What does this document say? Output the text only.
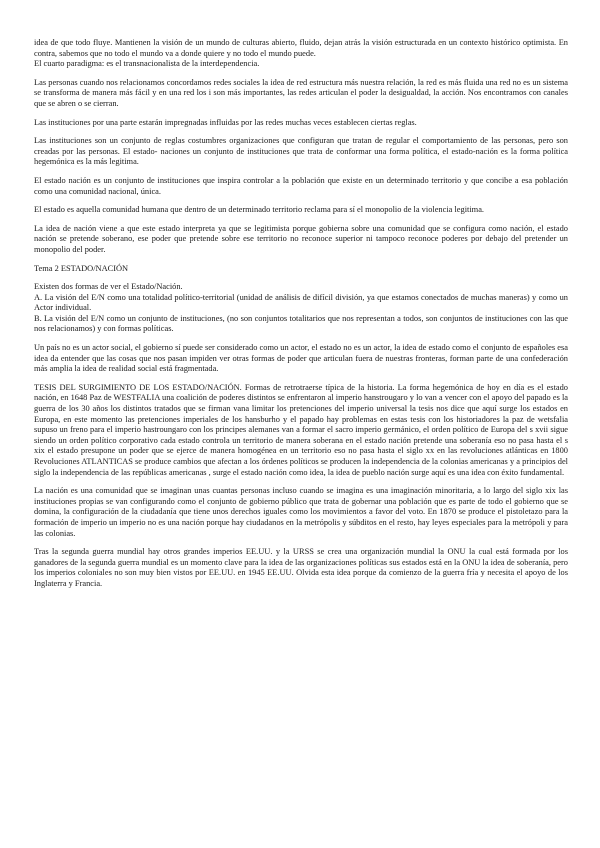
idea de que todo fluye. Mantienen la visión de un mundo de culturas abierto, fluido, dejan atrás la visión estructurada en un contexto histórico optimista. En contra, sabemos que no todo el mundo va a donde quiere y no todo el mundo puede.

El cuarto paradigma: es el transnacionalista de la interdependencia.

Las personas cuando nos relacionamos concordamos redes sociales la idea de red estructura más nuestra relación, la red es más fluida una red no es un sistema se transforma de manera más fácil y en una red los i son más importantes, las redes articulan el poder la desigualdad, la acción. Nos encontramos con canales que se abren o se cierran.

Las instituciones por una parte estarán impregnadas influidas por las redes muchas veces establecen ciertas reglas.

Las instituciones son un conjunto de reglas costumbres organizaciones que configuran que tratan de regular el comportamiento de las personas, pero son creadas por las personas. El estado- naciones un conjunto de instituciones que trata de conformar una forma política, el estado-nación es la forma política hegemónica es la más legitima.

El estado nación es un conjunto de instituciones que inspira controlar a la población que existe en un determinado territorio y que concibe a esa población como una comunidad nacional, única.

El estado es aquella comunidad humana que dentro de un determinado territorio reclama para sí el monopolio de la violencia legitima.

La idea de nación viene a que este estado interpreta ya que se legitimista porque gobierna sobre una comunidad que se configura como nación, el estado nación se pretende soberano, ese poder que pretende sobre ese territorio no reconoce superior ni tampoco reconoce poderes por debajo del pretender un monopolio del poder.

Tema 2 ESTADO/NACIÓN

Existen dos formas de ver el Estado/Nación.

A. La visión del E/N como una totalidad político-territorial (unidad de análisis de difícil división, ya que estamos conectados de muchas maneras) y como un Actor individual.

B. La visión del E/N como un conjunto de instituciones, (no son conjuntos totalitarios que nos representan a todos, son conjuntos de instituciones con las que nos relacionamos) y con formas políticas.

Un país no es un actor social, el gobierno sí puede ser considerado como un actor, el estado no es un actor, la idea de estado como el conjunto de españoles esa idea da entender que las cosas que nos pasan impiden ver otras formas de poder que articulan fuera de nuestras fronteras, forman parte de una confederación más amplia la idea de realidad social está fragmentada.

TESIS DEL SURGIMIENTO DE LOS ESTADO/NACIÓN. Formas de retrotraerse típica de la historia. La forma hegemónica de hoy en día es el estado nación, en 1648 Paz de WESTFALIA una coalición de poderes distintos se enfrentaron al imperio hanstrougaro y lo van a vencer con el apoyo del papado es la guerra de los 30 años los distintos tratados que se firman vana limitar los pretenciones del imperio universal la tesis nos dice que aquí surge los estados en Europa, en este momento las pretenciones imperiales de los hansburho y el papado hay problemas en estas tesis con los historiadores la paz de wetsfalia supuso un freno para el imperio hastroungaro con los principes alemanes van a formar el sacro imperio germánico, el orden político de Europa del s xvii sigue siendo un orden político corporativo cada estado controla un territorio de manera soberana en el estado nación pretende una soberanía eso no pasa hasta el s xix el estado presupone un poder que se ejerce de manera homogénea en un territorio eso no pasa hasta el siglo xx en las revoluciones atlánticas en 1800 Revoluciones ATLANTICAS se produce cambios que afectan a los órdenes políticos se producen la independencia de la colonias americanas y a principios del siglo la independencia de las repúblicas americanas , surge el estado nación como idea, la idea de pueblo nación surge aquí es una idea con éxito fundamental.

La nación es una comunidad que se imaginan unas cuantas personas incluso cuando se imagina es una imaginación minoritaria, a lo largo del siglo xix las instituciones propias se van configurando como el conjunto de gobierno público que trata de gobernar una población que es parte de todo el gobierno que se domina, la configuración de la ciudadanía que tiene unos derechos iguales como los movimientos a favor del voto. En 1870 se produce el pistoletazo para la formación de imperio un imperio no es una nación porque hay ciudadanos en la metrópolis y súbditos en el resto, hay leyes especiales para la metrópoli y para las colonias.

Tras la segunda guerra mundial hay otros grandes imperios EE.UU. y la URSS se crea una organización mundial la ONU la cual está formada por los ganadores de la segunda guerra mundial es un momento clave para la idea de las organizaciones políticas sus estados está en la ONU la idea de soberanía, pero los imperios coloniales no son muy bien vistos por EE.UU. en 1945 EE.UU. Olvida esta idea porque da comienzo de la guerra fría y necesita el apoyo de los Inglaterra y Francia.
